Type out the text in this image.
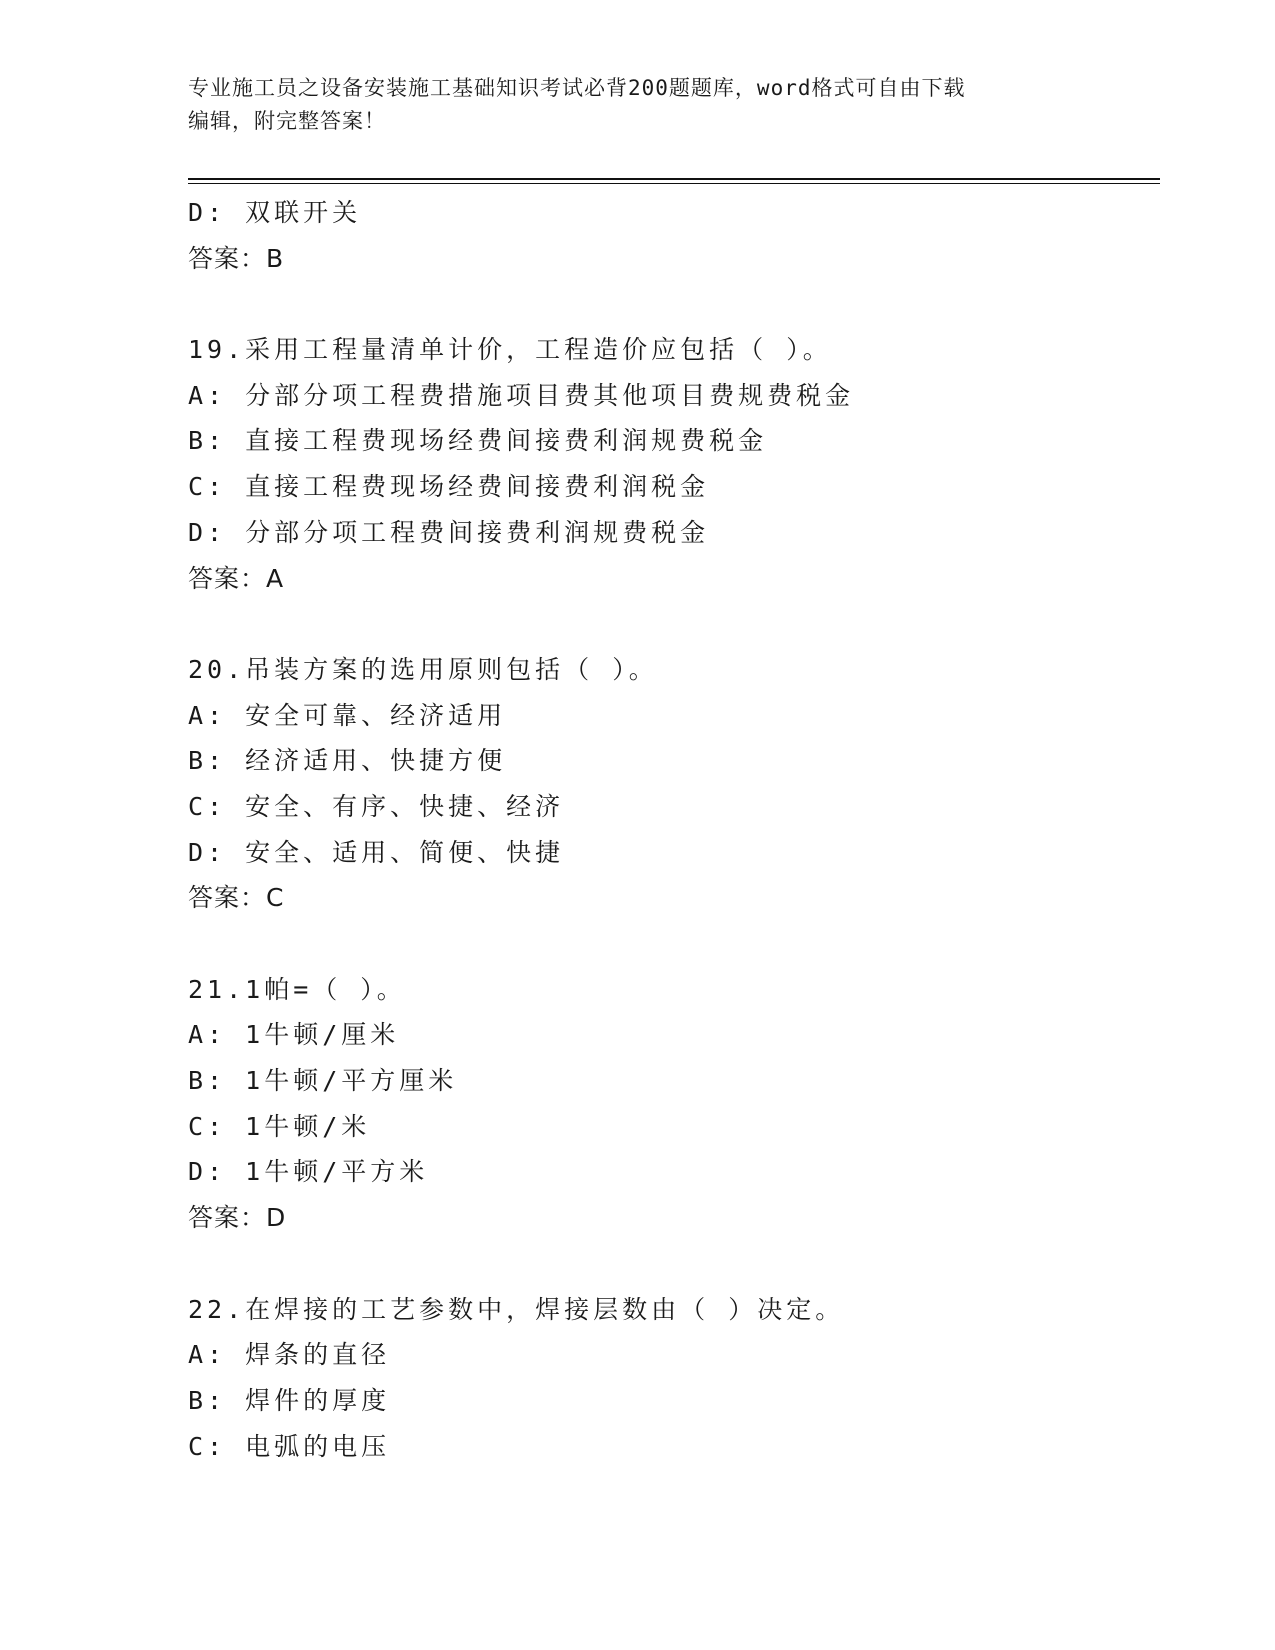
专业施工员之设备安装施工基础知识考试必背200题题库，word格式可自由下载
编辑，附完整答案！
D: 双联开关
答案：B
19.采用工程量清单计价，工程造价应包括（ ）。
A: 分部分项工程费措施项目费其他项目费规费税金
B: 直接工程费现场经费间接费利润规费税金
C: 直接工程费现场经费间接费利润税金
D: 分部分项工程费间接费利润规费税金
答案：A
20.吊装方案的选用原则包括（ ）。
A: 安全可靠、经济适用
B: 经济适用、快捷方便
C: 安全、有序、快捷、经济
D: 安全、适用、简便、快捷
答案：C
21.1帕=（ ）。
A: 1牛顿/厘米
B: 1牛顿/平方厘米
C: 1牛顿/米
D: 1牛顿/平方米
答案：D
22.在焊接的工艺参数中，焊接层数由（ ）决定。
A: 焊条的直径
B: 焊件的厚度
C: 电弧的电压
